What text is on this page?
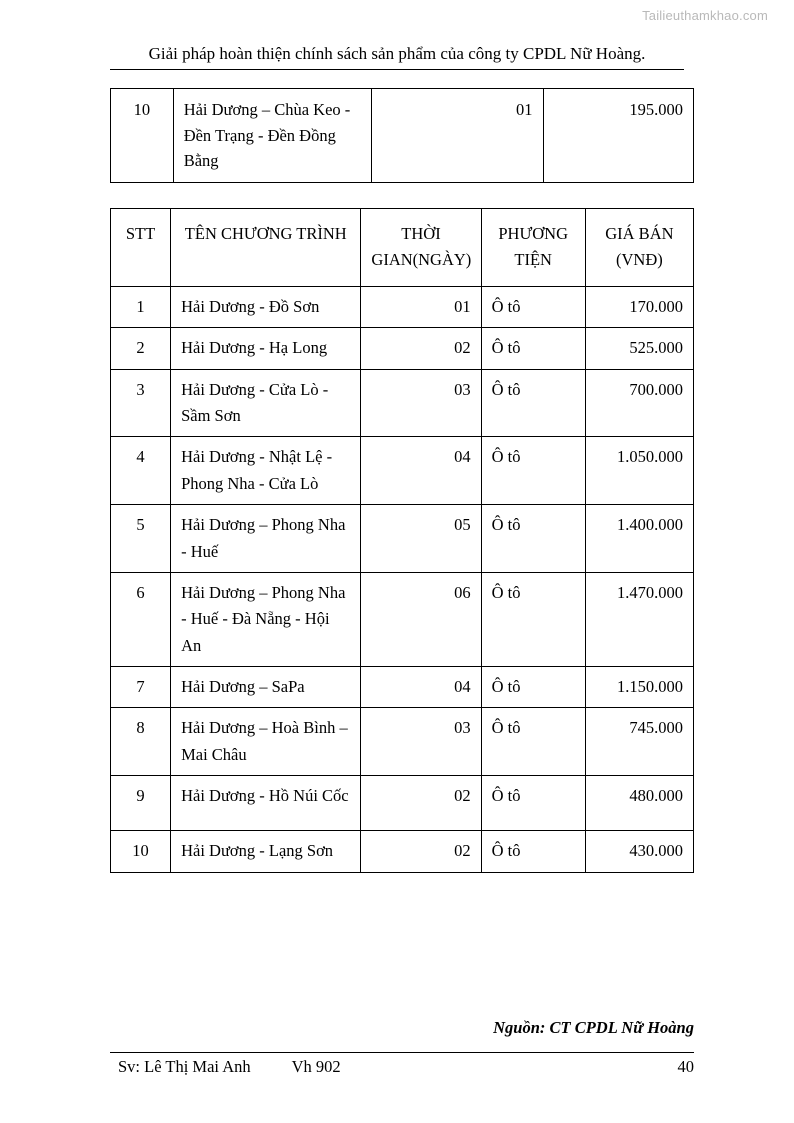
Tailieuthamkhao.com
Giải pháp hoàn thiện chính sách sản phẩm của công ty CPDL Nữ Hoàng.
10	Hải Dương – Chùa Keo - Đền Trạng - Đền Đồng Bằng	01	195.000
STT	TÊN CHƯƠNG TRÌNH	THỜI GIAN(NGÀY)	PHƯƠNG TIỆN	GIÁ BÁN (VNĐ)
1	Hải Dương - Đồ Sơn	01	Ô tô	170.000
2	Hải Dương - Hạ Long	02	Ô tô	525.000
3	Hải Dương - Cửa Lò - Sầm Sơn	03	Ô tô	700.000
4	Hải Dương - Nhật Lệ - Phong Nha - Cửa Lò	04	Ô tô	1.050.000
5	Hải Dương – Phong Nha - Huế	05	Ô tô	1.400.000
6	Hải Dương – Phong Nha - Huế - Đà Nẵng - Hội An	06	Ô tô	1.470.000
7	Hải Dương – SaPa	04	Ô tô	1.150.000
8	Hải Dương – Hoà Bình – Mai Châu	03	Ô tô	745.000
9	Hải Dương - Hồ Núi Cốc	02	Ô tô	480.000
10	Hải Dương - Lạng Sơn	02	Ô tô	430.000
Nguồn: CT CPDL Nữ Hoàng
Sv: Lê Thị Mai Anh          Vh 902	40
